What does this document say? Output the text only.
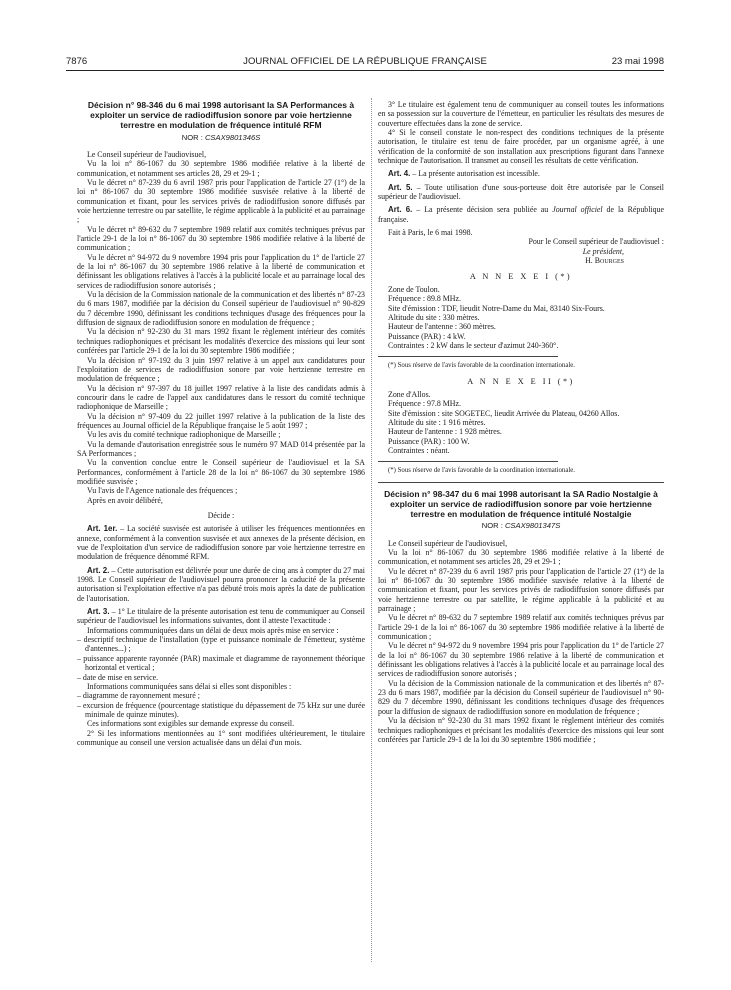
7876	JOURNAL OFFICIEL DE LA RÉPUBLIQUE FRANÇAISE	23 mai 1998

Décision n° 98-346 du 6 mai 1998 autorisant la SA Performances à exploiter un service de radiodiffusion sonore par voie hertzienne terrestre en modulation de fréquence intitulé RFM

NOR : CSAX9801346S

Le Conseil supérieur de l'audiovisuel,

Vu la loi n° 86-1067 du 30 septembre 1986 modifiée relative à la liberté de communication, et notamment ses articles 28, 29 et 29-1 ;

Vu le décret n° 87-239 du 6 avril 1987 pris pour l'application de l'article 27 (1°) de la loi n° 86-1067 du 30 septembre 1986 modifiée susvisée relative à la liberté de communication et fixant, pour les services privés de radiodiffusion sonore diffusés par voie hertzienne terrestre ou par satellite, le régime applicable à la publicité et au parrainage ;

Vu le décret n° 89-632 du 7 septembre 1989 relatif aux comités techniques prévus par l'article 29-1 de la loi n° 86-1067 du 30 septembre 1986 modifiée relative à la liberté de communication ;

Vu le décret n° 94-972 du 9 novembre 1994 pris pour l'application du 1° de l'article 27 de la loi n° 86-1067 du 30 septembre 1986 relative à la liberté de communication et définissant les obligations relatives à l'accès à la publicité locale et au parrainage local des services de radiodiffusion sonore autorisés ;

Vu la décision de la Commission nationale de la communication et des libertés n° 87-23 du 6 mars 1987, modifiée par la décision du Conseil supérieur de l'audiovisuel n° 90-829 du 7 décembre 1990, définissant les conditions techniques d'usage des fréquences pour la diffusion de signaux de radiodiffusion sonore en modulation de fréquence ;

Vu la décision n° 92-230 du 31 mars 1992 fixant le règlement intérieur des comités techniques radiophoniques et précisant les modalités d'exercice des missions qui leur sont conférées par l'article 29-1 de la loi du 30 septembre 1986 modifiée ;

Vu la décision n° 97-192 du 3 juin 1997 relative à un appel aux candidatures pour l'exploitation de services de radiodiffusion sonore par voie hertzienne terrestre en modulation de fréquence ;

Vu la décision n° 97-397 du 18 juillet 1997 relative à la liste des candidats admis à concourir dans le cadre de l'appel aux candidatures dans le ressort du comité technique radiophonique de Marseille ;

Vu la décision n° 97-409 du 22 juillet 1997 relative à la publication de la liste des fréquences au Journal officiel de la République française le 5 août 1997 ;

Vu les avis du comité technique radiophonique de Marseille ;

Vu la demande d'autorisation enregistrée sous le numéro 97 MAD 014 présentée par la SA Performances ;

Vu la convention conclue entre le Conseil supérieur de l'audiovisuel et la SA Performances, conformément à l'article 28 de la loi n° 86-1067 du 30 septembre 1986 modifiée susvisée ;

Vu l'avis de l'Agence nationale des fréquences ;

Après en avoir délibéré,

Décide :

Art. 1er. – La société susvisée est autorisée à utiliser les fréquences mentionnées en annexe, conformément à la convention susvisée et aux annexes de la présente décision, en vue de l'exploitation d'un service de radiodiffusion sonore par voie hertzienne terrestre en modulation de fréquence dénommé RFM.

Art. 2. – Cette autorisation est délivrée pour une durée de cinq ans à compter du 27 mai 1998. Le Conseil supérieur de l'audiovisuel pourra prononcer la caducité de la présente autorisation si l'exploitation effective n'a pas débuté trois mois après la date de publication de l'autorisation.

Art. 3. – 1° Le titulaire de la présente autorisation est tenu de communiquer au Conseil supérieur de l'audiovisuel les informations suivantes, dont il atteste l'exactitude :

Informations communiquées dans un délai de deux mois après mise en service :

– descriptif technique de l'installation (type et puissance nominale de l'émetteur, système d'antennes...) ;

– puissance apparente rayonnée (PAR) maximale et diagramme de rayonnement théorique horizontal et vertical ;

– date de mise en service.

Informations communiquées sans délai si elles sont disponibles :

– diagramme de rayonnement mesuré ;

– excursion de fréquence (pourcentage statistique du dépassement de 75 kHz sur une durée minimale de quinze minutes).

Ces informations sont exigibles sur demande expresse du conseil.

2° Si les informations mentionnées au 1° sont modifiées ultérieurement, le titulaire communique au conseil une version actualisée dans un délai d'un mois.

3° Le titulaire est également tenu de communiquer au conseil toutes les informations en sa possession sur la couverture de l'émetteur, en particulier les résultats des mesures de couverture effectuées dans la zone de service.

4° Si le conseil constate le non-respect des conditions techniques de la présente autorisation, le titulaire est tenu de faire procéder, par un organisme agréé, à une vérification de la conformité de son installation aux prescriptions figurant dans l'annexe technique de l'autorisation. Il transmet au conseil les résultats de cette vérification.

Art. 4. – La présente autorisation est incessible.

Art. 5. – Toute utilisation d'une sous-porteuse doit être autorisée par le Conseil supérieur de l'audiovisuel.

Art. 6. – La présente décision sera publiée au Journal officiel de la République française.

Fait à Paris, le 6 mai 1998.

Pour le Conseil supérieur de l'audiovisuel :

Le président,

H. Bourges

A N N E X E I (*)

Zone de Toulon.

Fréquence : 89.8 MHz.

Site d'émission : TDF, lieudit Notre-Dame du Mai, 83140 Six-Fours.

Altitude du site : 330 mètres.

Hauteur de l'antenne : 360 mètres.

Puissance (PAR) : 4 kW.

Contraintes : 2 kW dans le secteur d'azimut 240-360°.

(*) Sous réserve de l'avis favorable de la coordination internationale.

A N N E X E II (*)

Zone d'Allos.

Fréquence : 97.8 MHz.

Site d'émission : site SOGETEC, lieudit Arrivée du Plateau, 04260 Allos.

Altitude du site : 1 916 mètres.

Hauteur de l'antenne : 1 928 mètres.

Puissance (PAR) : 100 W.

Contraintes : néant.

(*) Sous réserve de l'avis favorable de la coordination internationale.

Décision n° 98-347 du 6 mai 1998 autorisant la SA Radio Nostalgie à exploiter un service de radiodiffusion sonore par voie hertzienne terrestre en modulation de fréquence intitulé Nostalgie

NOR : CSAX9801347S

Le Conseil supérieur de l'audiovisuel,

Vu la loi n° 86-1067 du 30 septembre 1986 modifiée relative à la liberté de communication, et notamment ses articles 28, 29 et 29-1 ;

Vu le décret n° 87-239 du 6 avril 1987 pris pour l'application de l'article 27 (1°) de la loi n° 86-1067 du 30 septembre 1986 modifiée susvisée relative à la liberté de communication et fixant, pour les services privés de radiodiffusion sonore diffusés par voie hertzienne terrestre ou par satellite, le régime applicable à la publicité et au parrainage ;

Vu le décret n° 89-632 du 7 septembre 1989 relatif aux comités techniques prévus par l'article 29-1 de la loi n° 86-1067 du 30 septembre 1986 modifiée relative à la liberté de communication ;

Vu le décret n° 94-972 du 9 novembre 1994 pris pour l'application du 1° de l'article 27 de la loi n° 86-1067 du 30 septembre 1986 relative à la liberté de communication et définissant les obligations relatives à l'accès à la publicité locale et au parrainage local des services de radiodiffusion sonore autorisés ;

Vu la décision de la Commission nationale de la communication et des libertés n° 87-23 du 6 mars 1987, modifiée par la décision du Conseil supérieur de l'audiovisuel n° 90-829 du 7 décembre 1990, définissant les conditions techniques d'usage des fréquences pour la diffusion de signaux de radiodiffusion sonore en modulation de fréquence ;

Vu la décision n° 92-230 du 31 mars 1992 fixant le règlement intérieur des comités techniques radiophoniques et précisant les modalités d'exercice des missions qui leur sont conférées par l'article 29-1 de la loi du 30 septembre 1986 modifiée ;
